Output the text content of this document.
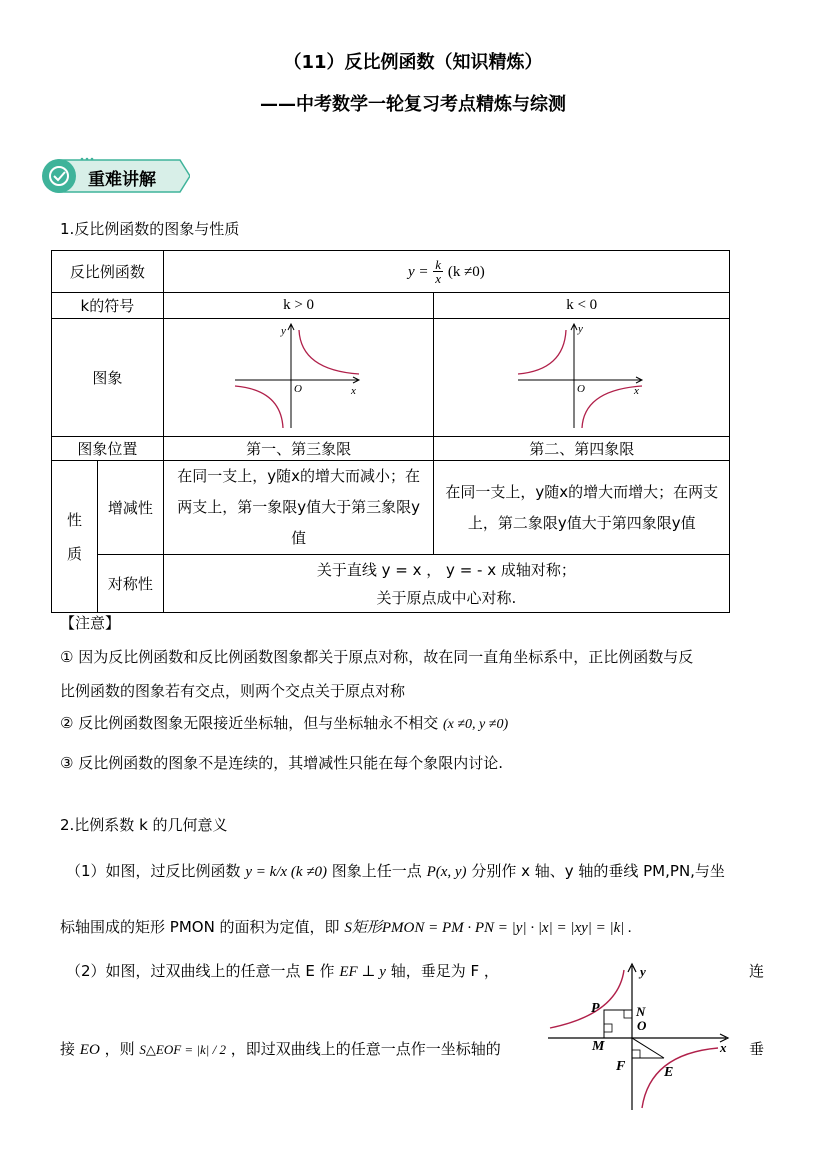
（11）反比例函数（知识精炼）
——中考数学一轮复习考点精炼与综测
重难讲解
1.反比例函数的图象与性质
反比例函数		$y = \frac{k}{x} (k \ne 0)$	
k的符号		k > 0	k < 0
图象		y
x
O	y
x
O

图象位置		第一、第三象限	第二、第四象限
性
质	增减性	在同一支上，y随x的增大而减小；在两支上，第一象限y值大于第三象限y值	在同一支上，y随x的增大而增大；在两支上，第二象限y值大于第四象限y值
	对称性	关于直线 y = x ， y = - x 成轴对称；
关于原点成中心对称.	
【注意】
① 因为反比例函数和反比例函数图象都关于原点对称，故在同一直角坐标系中，正比例函数与反
比例函数的图象若有交点，则两个交点关于原点对称
② 反比例函数图象无限接近坐标轴，但与坐标轴永不相交 (x ≠0, y ≠0)
③ 反比例函数的图象不是连续的，其增减性只能在每个象限内讨论.
2.比例系数 k 的几何意义
（1）如图，过反比例函数 y = k/x (k ≠0) 图象上任一点 P(x, y) 分别作 x 轴、y 轴的垂线 PM,PN,与坐
标轴围成的矩形 PMON 的面积为定值，即 S矩形PMON = PM · PN = |y| · |x| = |xy| = |k| .
（2）如图，过双曲线上的任意一点 E 作 EF ⊥ y 轴，垂足为 F ，	连
接 EO ，则 S△EOF = |k| / 2 ，即过双曲线上的任意一点作一坐标轴的	垂
y
x
O
P	N
M
F	E
